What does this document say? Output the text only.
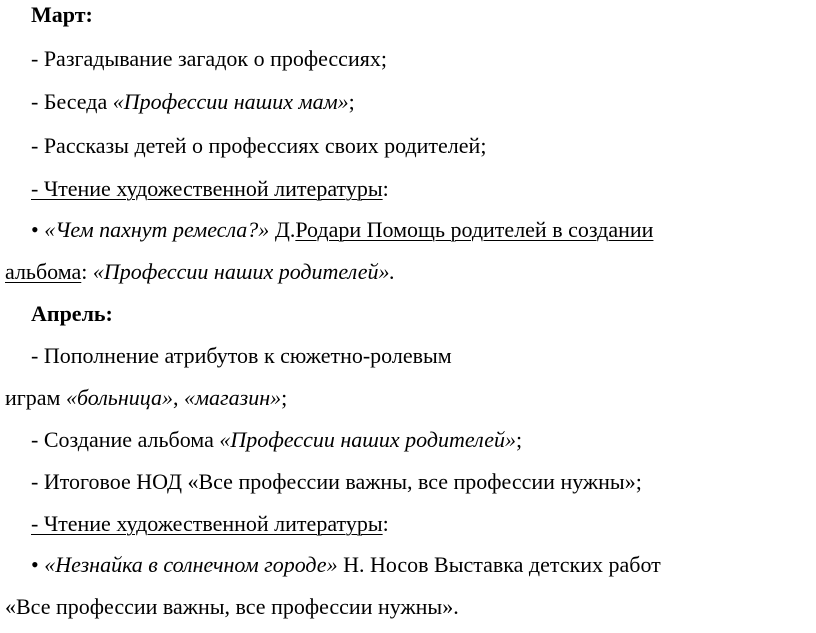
Март:
- Разгадывание загадок о профессиях;
- Беседа «Профессии наших мам»;
- Рассказы детей о профессиях своих родителей;
- Чтение художественной литературы:
• «Чем пахнут ремесла?» Д.Родари Помощь родителей в создании
альбома: «Профессии наших родителей».
Апрель:
- Пополнение атрибутов к сюжетно-ролевым
играм «больница», «магазин»;
- Создание альбома «Профессии наших родителей»;
- Итоговое НОД «Все профессии важны, все профессии нужны»;
- Чтение художественной литературы:
• «Незнайка в солнечном городе» Н. Носов Выставка детских работ
«Все профессии важны, все профессии нужны».
